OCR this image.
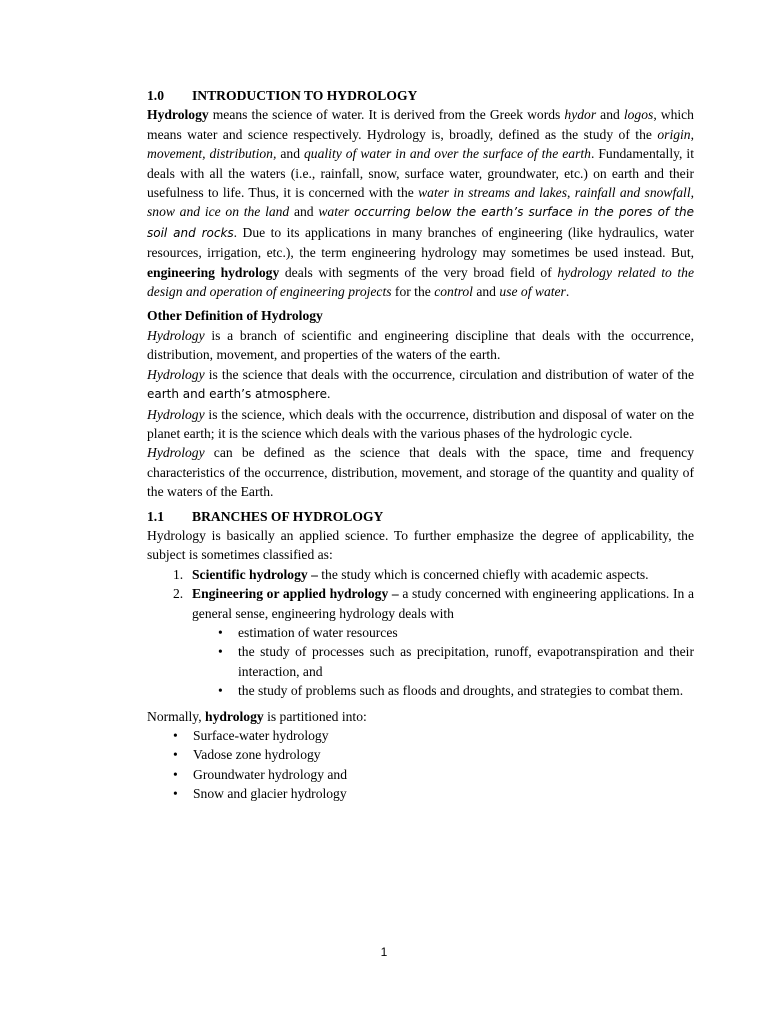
1.0 INTRODUCTION TO HYDROLOGY

Hydrology means the science of water. It is derived from the Greek words hydor and logos, which means water and science respectively. Hydrology is, broadly, defined as the study of the origin, movement, distribution, and quality of water in and over the surface of the earth. Fundamentally, it deals with all the waters (i.e., rainfall, snow, surface water, groundwater, etc.) on earth and their usefulness to life. Thus, it is concerned with the water in streams and lakes, rainfall and snowfall, snow and ice on the land and water occurring below the earth’s surface in the pores of the soil and rocks. Due to its applications in many branches of engineering (like hydraulics, water resources, irrigation, etc.), the term engineering hydrology may sometimes be used instead. But, engineering hydrology deals with segments of the very broad field of hydrology related to the design and operation of engineering projects for the control and use of water.

Other Definition of Hydrology

Hydrology is a branch of scientific and engineering discipline that deals with the occurrence, distribution, movement, and properties of the waters of the earth.

Hydrology is the science that deals with the occurrence, circulation and distribution of water of the earth and earth’s atmosphere.

Hydrology is the science, which deals with the occurrence, distribution and disposal of water on the planet earth; it is the science which deals with the various phases of the hydrologic cycle.

Hydrology can be defined as the science that deals with the space, time and frequency characteristics of the occurrence, distribution, movement, and storage of the quantity and quality of the waters of the Earth.

1.1 BRANCHES OF HYDROLOGY

Hydrology is basically an applied science. To further emphasize the degree of applicability, the subject is sometimes classified as:

1. Scientific hydrology – the study which is concerned chiefly with academic aspects.
2. Engineering or applied hydrology – a study concerned with engineering applications. In a general sense, engineering hydrology deals with
• estimation of water resources
• the study of processes such as precipitation, runoff, evapotranspiration and their interaction, and
• the study of problems such as floods and droughts, and strategies to combat them.

Normally, hydrology is partitioned into:

• Surface-water hydrology
• Vadose zone hydrology
• Groundwater hydrology and
• Snow and glacier hydrology
1
